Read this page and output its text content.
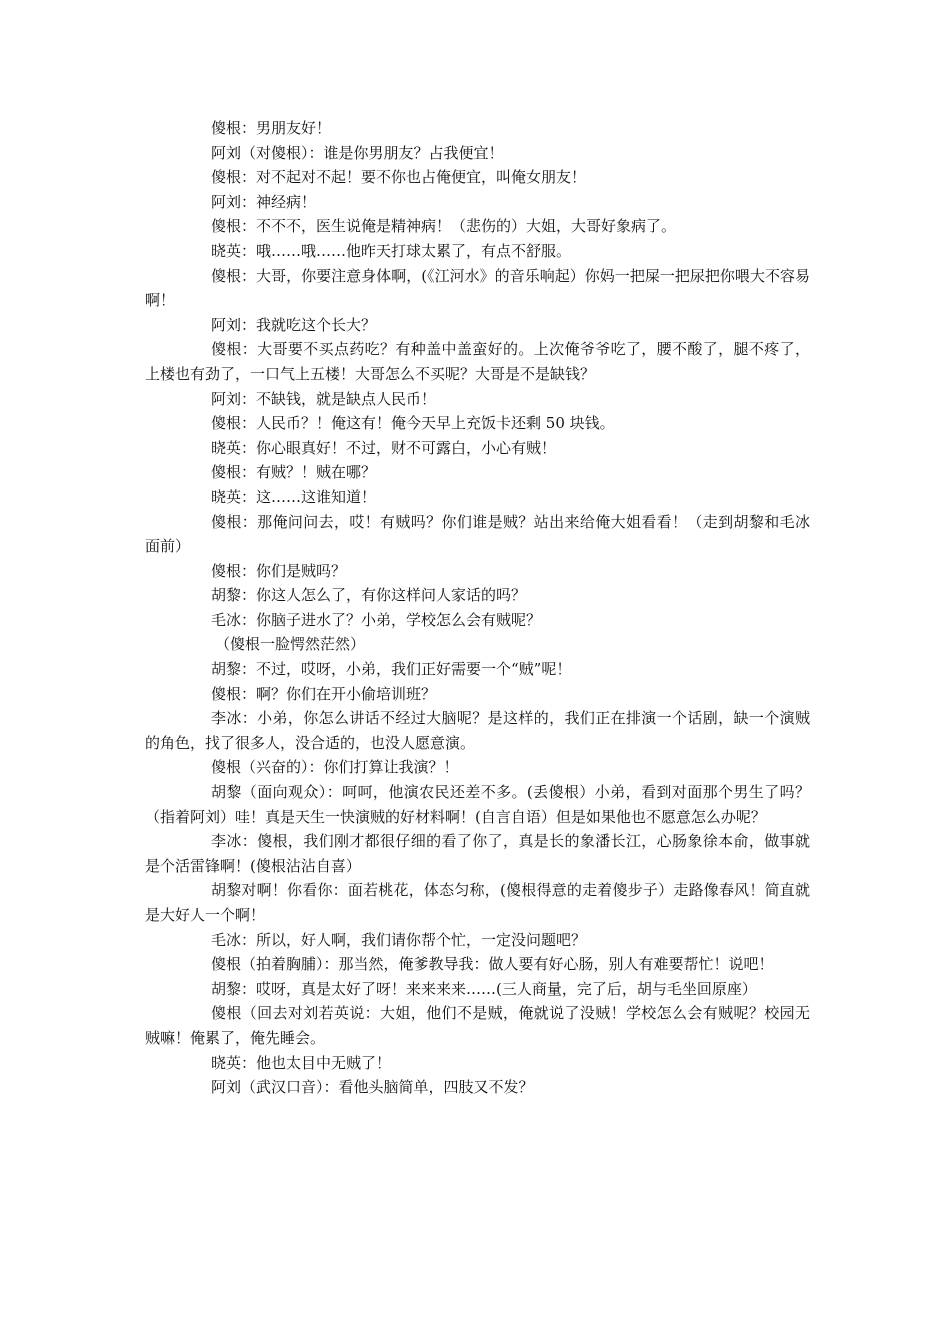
傻根：男朋友好！

阿刘（对傻根）：谁是你男朋友？占我便宜！

傻根：对不起对不起！要不你也占俺便宜，叫俺女朋友！

阿刘：神经病！

傻根：不不不，医生说俺是精神病！（悲伤的）大姐，大哥好象病了。

晓英：哦……哦……他昨天打球太累了，有点不舒服。

傻根：大哥，你要注意身体啊，(《江河水》的音乐响起）你妈一把屎一把尿把你喂大不容易啊！

阿刘：我就吃这个长大？

傻根：大哥要不买点药吃？有种盖中盖蛮好的。上次俺爷爷吃了，腰不酸了，腿不疼了，上楼也有劲了，一口气上五楼！大哥怎么不买呢？大哥是不是缺钱？

阿刘：不缺钱，就是缺点人民币！

傻根：人民币？！俺这有！俺今天早上充饭卡还剩 50 块钱。

晓英：你心眼真好！不过，财不可露白，小心有贼！

傻根：有贼？！贼在哪？

晓英：这……这谁知道！

傻根：那俺问问去，哎！有贼吗？你们谁是贼？站出来给俺大姐看看！（走到胡黎和毛冰面前）

傻根：你们是贼吗？

胡黎：你这人怎么了，有你这样问人家话的吗？

毛冰：你脑子进水了？小弟，学校怎么会有贼呢？

（傻根一脸愕然茫然）

胡黎：不过，哎呀，小弟，我们正好需要一个“贼”呢！

傻根：啊？你们在开小偷培训班？

李冰：小弟，你怎么讲话不经过大脑呢？是这样的，我们正在排演一个话剧，缺一个演贼的角色，找了很多人，没合适的，也没人愿意演。

傻根（兴奋的）：你们打算让我演？！

胡黎（面向观众）：呵呵，他演农民还差不多。(丢傻根）小弟，看到对面那个男生了吗？（指着阿刘）哇！真是天生一快演贼的好材料啊！(自言自语）但是如果他也不愿意怎么办呢？

李冰：傻根，我们刚才都很仔细的看了你了，真是长的象潘长江，心肠象徐本俞，做事就是个活雷锋啊！(傻根沾沾自喜）

胡黎对啊！你看你：面若桃花，体态匀称，(傻根得意的走着傻步子）走路像春风！简直就是大好人一个啊！

毛冰：所以，好人啊，我们请你帮个忙，一定没问题吧？

傻根（拍着胸脯）：那当然，俺爹教导我：做人要有好心肠，别人有难要帮忙！说吧！

胡黎：哎呀，真是太好了呀！来来来来……(三人商量，完了后，胡与毛坐回原座）

傻根（回去对刘若英说：大姐，他们不是贼，俺就说了没贼！学校怎么会有贼呢？校园无贼嘛！俺累了，俺先睡会。

晓英：他也太目中无贼了！

阿刘（武汉口音）：看他头脑简单，四肢又不发？
